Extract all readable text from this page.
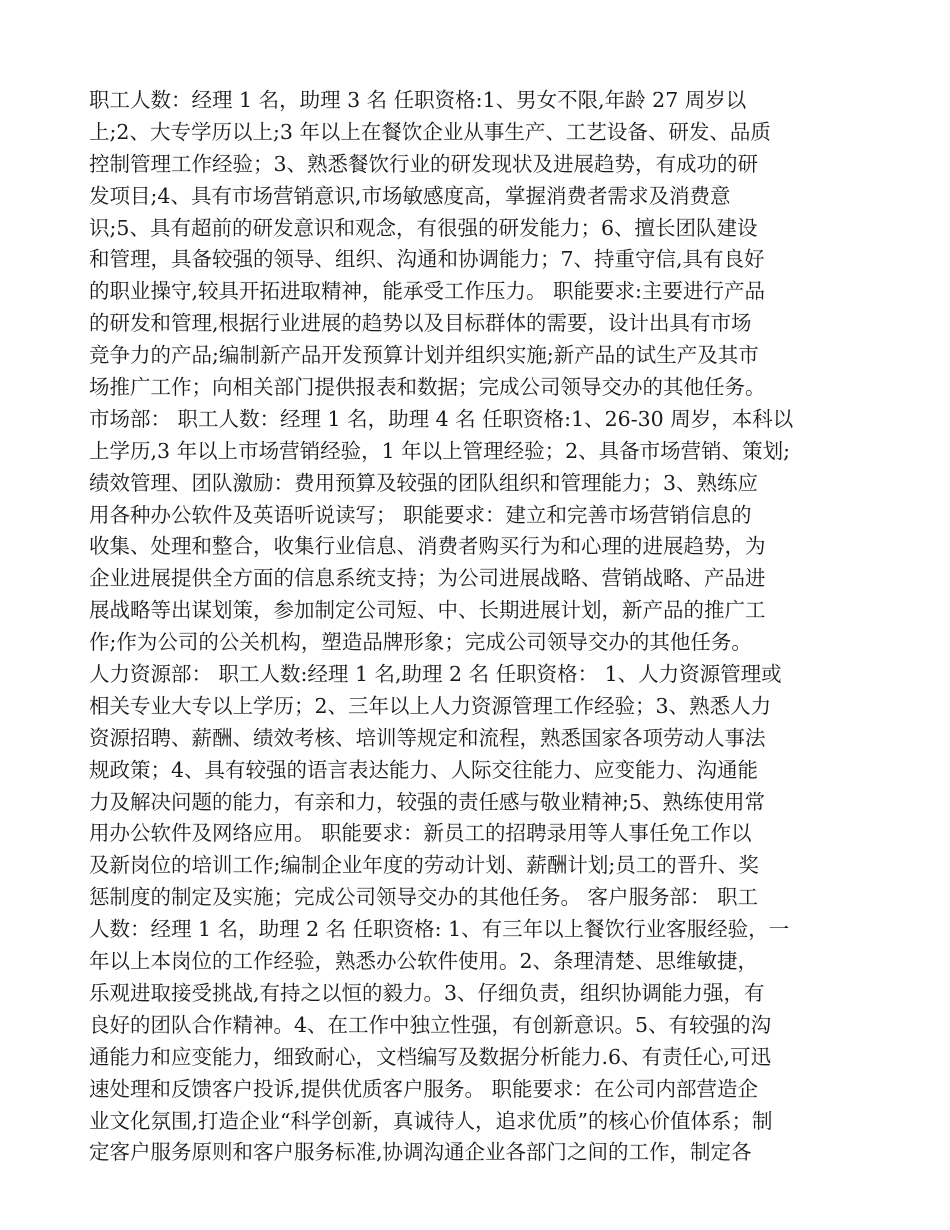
职工人数：经理 1 名，助理 3 名 任职资格:1、男女不限,年龄 27 周岁以
上;2、大专学历以上;3 年以上在餐饮企业从事生产、工艺设备、研发、品质
控制管理工作经验；3、熟悉餐饮行业的研发现状及进展趋势，有成功的研
发项目;4、具有市场营销意识,市场敏感度高，掌握消费者需求及消费意
识;5、具有超前的研发意识和观念，有很强的研发能力；6、擅长团队建设
和管理，具备较强的领导、组织、沟通和协调能力；7、持重守信,具有良好
的职业操守,较具开拓进取精神，能承受工作压力。 职能要求:主要进行产品
的研发和管理,根据行业进展的趋势以及目标群体的需要，设计出具有市场
竞争力的产品;编制新产品开发预算计划并组织实施;新产品的试生产及其市
场推广工作；向相关部门提供报表和数据；完成公司领导交办的其他任务。
市场部： 职工人数：经理 1 名，助理 4 名 任职资格:1、26-30 周岁，本科以
上学历,3 年以上市场营销经验，1 年以上管理经验；2、具备市场营销、策划;
绩效管理、团队激励：费用预算及较强的团队组织和管理能力；3、熟练应
用各种办公软件及英语听说读写； 职能要求：建立和完善市场营销信息的
收集、处理和整合，收集行业信息、消费者购买行为和心理的进展趋势，为
企业进展提供全方面的信息系统支持；为公司进展战略、营销战略、产品进
展战略等出谋划策，参加制定公司短、中、长期进展计划，新产品的推广工
作;作为公司的公关机构，塑造品牌形象；完成公司领导交办的其他任务。
人力资源部： 职工人数:经理 1 名,助理 2 名 任职资格： 1、人力资源管理或
相关专业大专以上学历；2、三年以上人力资源管理工作经验；3、熟悉人力
资源招聘、薪酬、绩效考核、培训等规定和流程，熟悉国家各项劳动人事法
规政策；4、具有较强的语言表达能力、人际交往能力、应变能力、沟通能
力及解决问题的能力，有亲和力，较强的责任感与敬业精神;5、熟练使用常
用办公软件及网络应用。 职能要求：新员工的招聘录用等人事任免工作以
及新岗位的培训工作;编制企业年度的劳动计划、薪酬计划;员工的晋升、奖
惩制度的制定及实施；完成公司领导交办的其他任务。 客户服务部： 职工
人数：经理 1 名，助理 2 名 任职资格: 1、有三年以上餐饮行业客服经验，一
年以上本岗位的工作经验，熟悉办公软件使用。2、条理清楚、思维敏捷，
乐观进取接受挑战,有持之以恒的毅力。3、仔细负责，组织协调能力强，有
良好的团队合作精神。4、在工作中独立性强，有创新意识。5、有较强的沟
通能力和应变能力，细致耐心，文档编写及数据分析能力.6、有责任心,可迅
速处理和反馈客户投诉,提供优质客户服务。 职能要求：在公司内部营造企
业文化氛围,打造企业“科学创新，真诚待人，追求优质”的核心价值体系；制
定客户服务原则和客户服务标准,协调沟通企业各部门之间的工作，制定各
